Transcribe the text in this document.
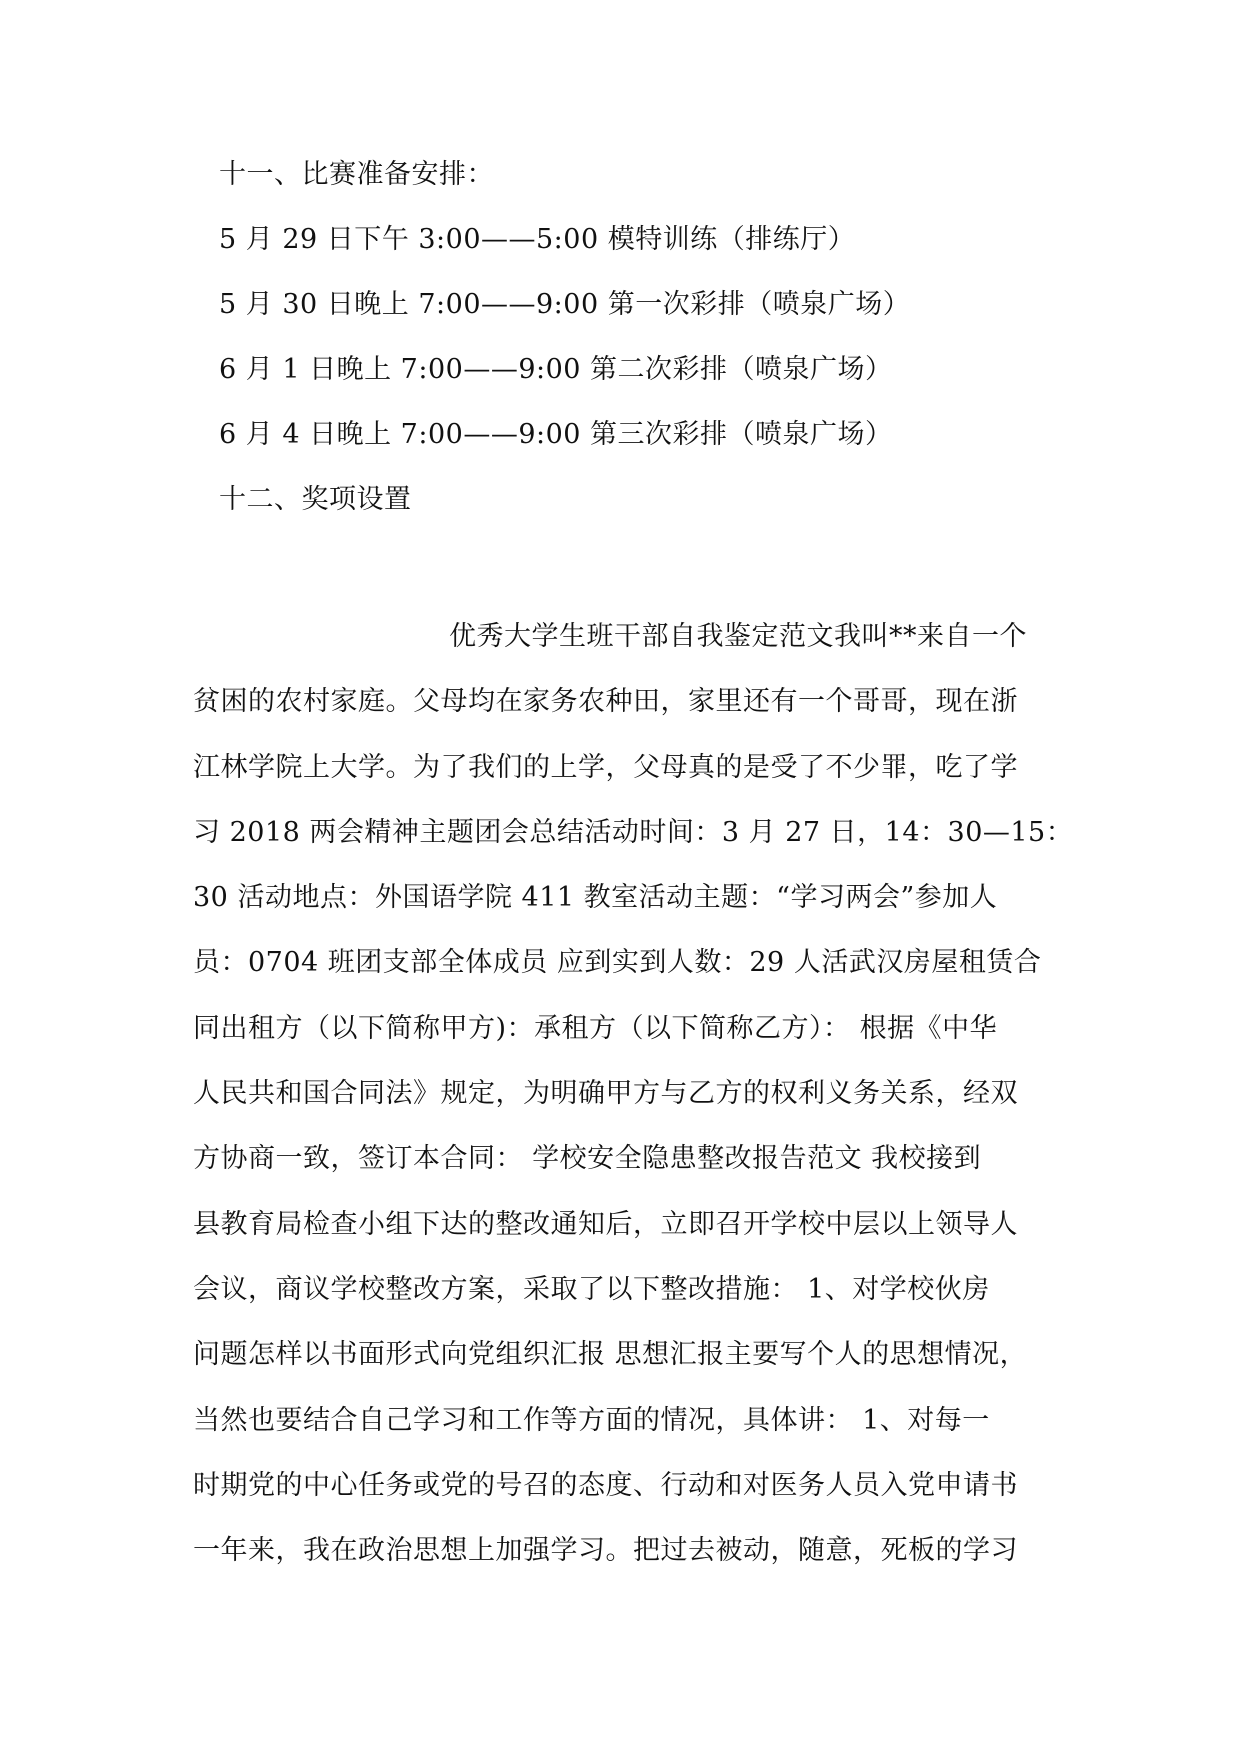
十一、比赛准备安排：
5 月 29 日下午 3:00——5:00 模特训练（排练厅）
5 月 30 日晚上 7:00——9:00 第一次彩排（喷泉广场）
6 月 1 日晚上 7:00——9:00 第二次彩排（喷泉广场）
6 月 4 日晚上 7:00——9:00 第三次彩排（喷泉广场）
十二、奖项设置
优秀大学生班干部自我鉴定范文我叫**来自一个
贫困的农村家庭。父母均在家务农种田，家里还有一个哥哥，现在浙
江林学院上大学。为了我们的上学，父母真的是受了不少罪，吃了学
习 2018 两会精神主题团会总结活动时间：3 月 27 日，14：30—15：
30 活动地点：外国语学院 411 教室活动主题：“学习两会”参加人
员：0704 班团支部全体成员 应到实到人数：29 人活武汉房屋租赁合
同出租方（以下简称甲方)：承租方（以下简称乙方）： 根据《中华
人民共和国合同法》规定，为明确甲方与乙方的权利义务关系，经双
方协商一致，签订本合同： 学校安全隐患整改报告范文 我校接到
县教育局检查小组下达的整改通知后，立即召开学校中层以上领导人
会议，商议学校整改方案，采取了以下整改措施： 1、对学校伙房
问题怎样以书面形式向党组织汇报 思想汇报主要写个人的思想情况，
当然也要结合自己学习和工作等方面的情况，具体讲： 1、对每一
时期党的中心任务或党的号召的态度、行动和对医务人员入党申请书
一年来，我在政治思想上加强学习。把过去被动，随意，死板的学习
